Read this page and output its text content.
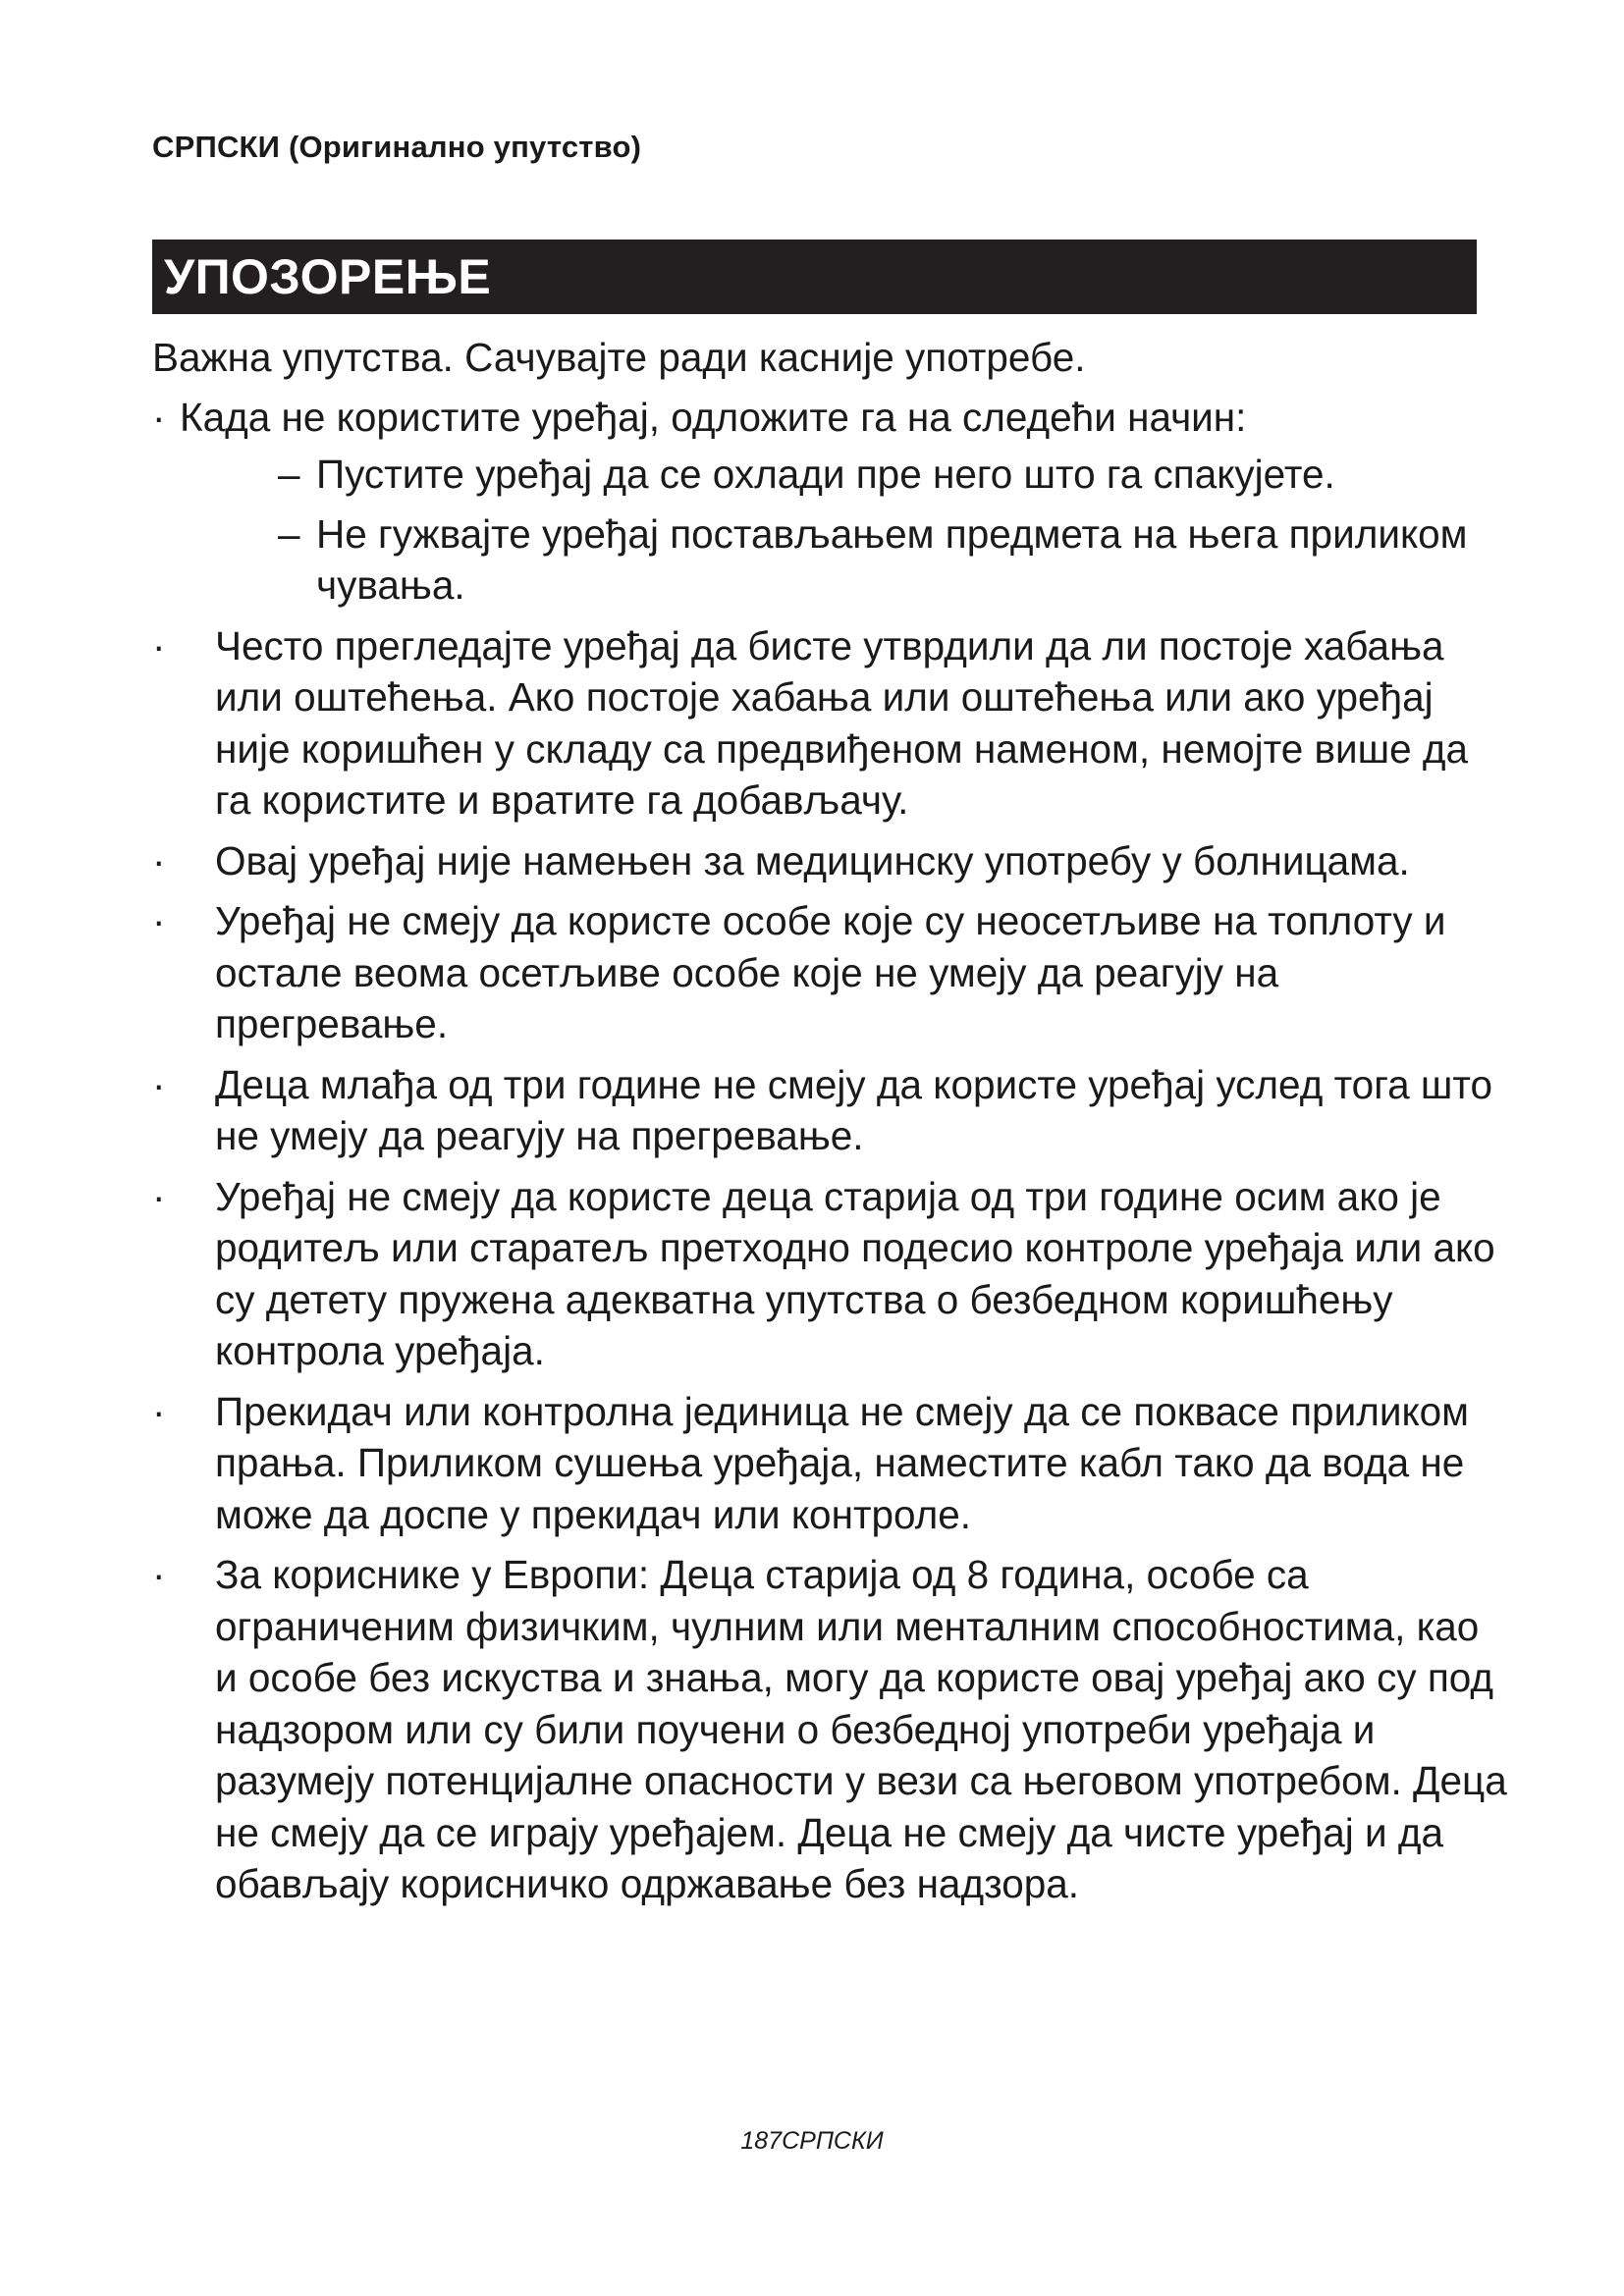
СРПСКИ (Оригинално упутство)
УПОЗОРЕЊЕ
Важна упутства. Сачувајте ради касније употребе.
· Када не користите уређај, одложите га на следећи начин:
– Пустите уређај да се охлади пре него што га спакујете.
– Не гужвајте уређај постављањем предмета на њега приликом чувања.
· Често прегледајте уређај да бисте утврдили да ли постоје хабања или оштећења. Ако постоје хабања или оштећења или ако уређај није коришћен у складу са предвиђеном наменом, немојте више да га користите и вратите га добављачу.
· Овај уређај није намењен за медицинску употребу у болницама.
· Уређај не смеју да користе особе које су неосетљиве на топлоту и остале веома осетљиве особе које не умеју да реагују на прегревање.
· Деца млађа од три године не смеју да користе уређај услед тога што не умеју да реагују на прегревање.
· Уређај не смеју да користе деца старија од три године осим ако је родитељ или старатељ претходно подесио контроле уређаја или ако су детету пружена адекватна упутства о безбедном коришћењу контрола уређаја.
· Прекидач или контролна јединица не смеју да се поквасе приликом прања. Приликом сушења уређаја, наместите кабл тако да вода не може да доспе у прекидач или контроле.
· За кориснике у Европи: Деца старија од 8 година, особе са ограниченим физичким, чулним или менталним способностима, као и особе без искуства и знања, могу да користе овај уређај ако су под надзором или су били поучени о безбедној употреби уређаја и разумеју потенцијалне опасности у вези са његовом употребом. Деца не смеју да се играју уређајем. Деца не смеју да чисте уређај и да обављају корисничко одржавање без надзора.
187СРПСКИ
